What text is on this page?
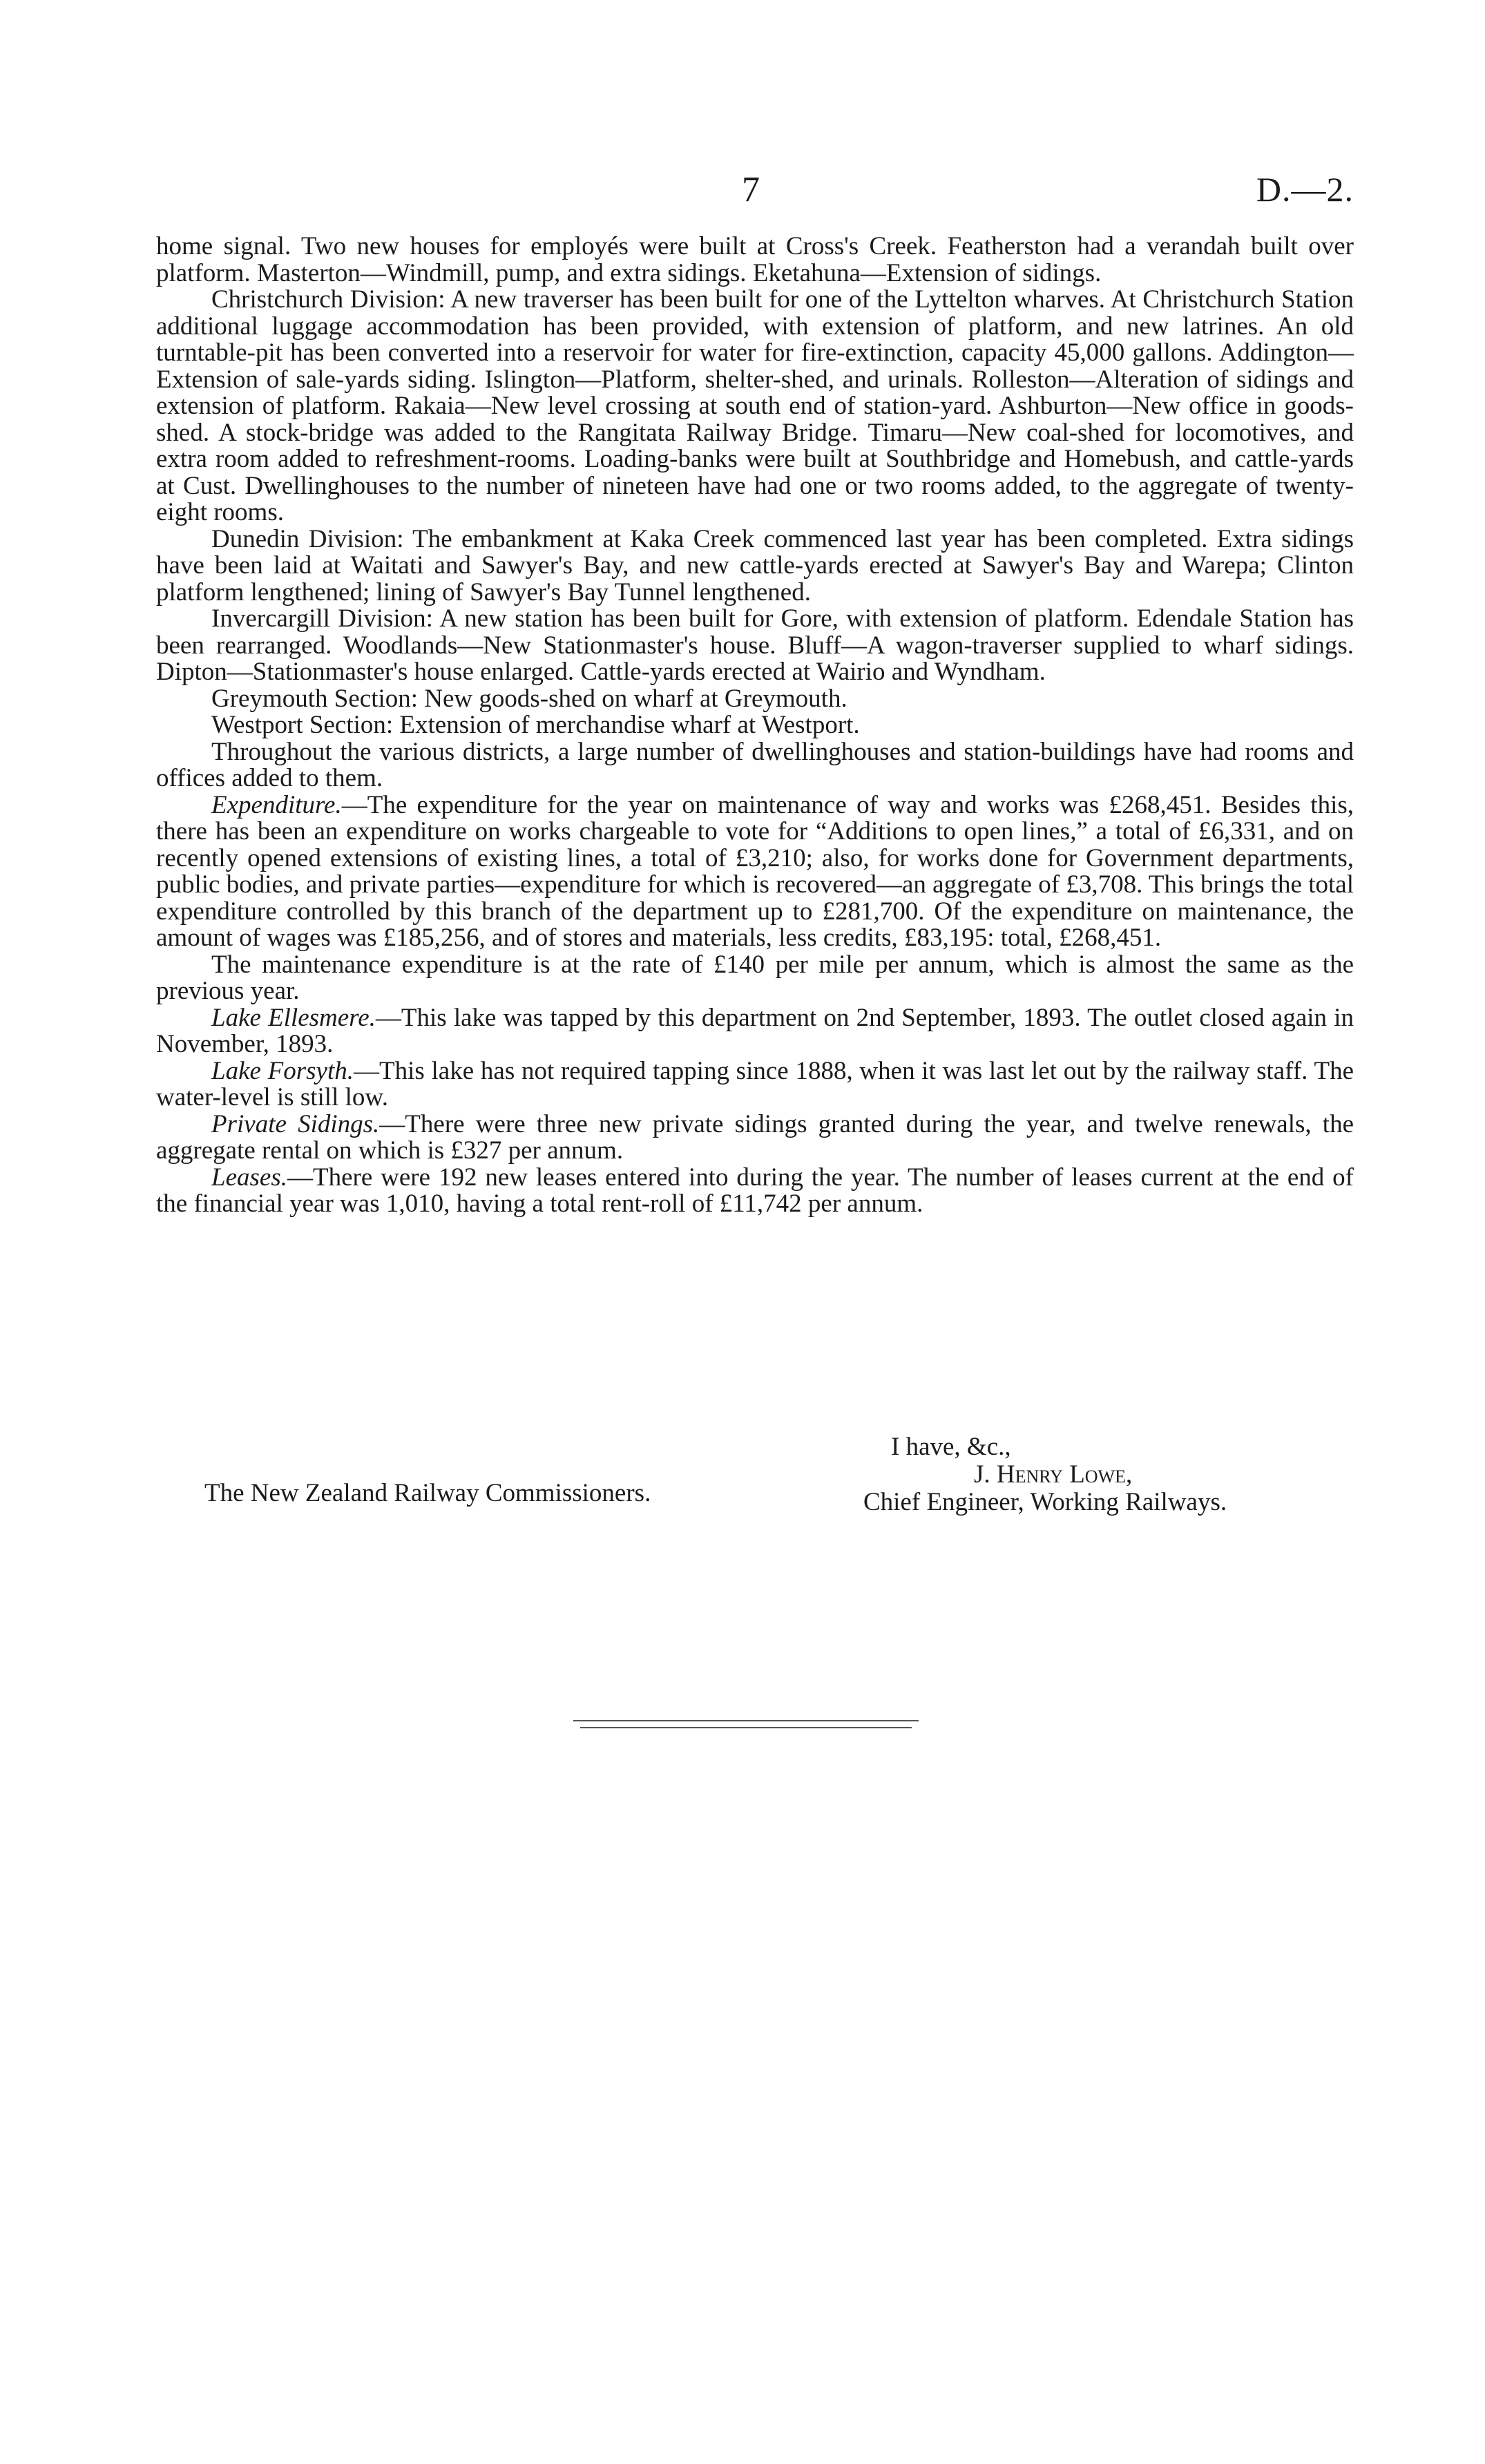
7	D.—2.

home signal. Two new houses for employés were built at Cross's Creek. Featherston had a verandah built over platform. Masterton—Windmill, pump, and extra sidings. Eketahuna—Extension of sidings.

Christchurch Division: A new traverser has been built for one of the Lyttelton wharves. At Christchurch Station additional luggage accommodation has been provided, with extension of platform, and new latrines. An old turntable-pit has been converted into a reservoir for water for fire-extinction, capacity 45,000 gallons. Addington—Extension of sale-yards siding. Islington—Platform, shelter-shed, and urinals. Rolleston—Alteration of sidings and extension of platform. Rakaia—New level crossing at south end of station-yard. Ashburton—New office in goods-shed. A stock-bridge was added to the Rangitata Railway Bridge. Timaru—New coal-shed for locomotives, and extra room added to refreshment-rooms. Loading-banks were built at Southbridge and Homebush, and cattle-yards at Cust. Dwellinghouses to the number of nineteen have had one or two rooms added, to the aggregate of twenty-eight rooms.

Dunedin Division: The embankment at Kaka Creek commenced last year has been completed. Extra sidings have been laid at Waitati and Sawyer's Bay, and new cattle-yards erected at Sawyer's Bay and Warepa; Clinton platform lengthened; lining of Sawyer's Bay Tunnel lengthened.

Invercargill Division: A new station has been built for Gore, with extension of platform. Edendale Station has been rearranged. Woodlands—New Stationmaster's house. Bluff—A wagon-traverser supplied to wharf sidings. Dipton—Stationmaster's house enlarged. Cattle-yards erected at Wairio and Wyndham.

Greymouth Section: New goods-shed on wharf at Greymouth.

Westport Section: Extension of merchandise wharf at Westport.

Throughout the various districts, a large number of dwellinghouses and station-buildings have had rooms and offices added to them.

Expenditure.—The expenditure for the year on maintenance of way and works was £268,451. Besides this, there has been an expenditure on works chargeable to vote for “Additions to open lines,” a total of £6,331, and on recently opened extensions of existing lines, a total of £3,210; also, for works done for Government departments, public bodies, and private parties—expenditure for which is recovered—an aggregate of £3,708. This brings the total expenditure controlled by this branch of the department up to £281,700. Of the expenditure on maintenance, the amount of wages was £185,256, and of stores and materials, less credits, £83,195: total, £268,451.

The maintenance expenditure is at the rate of £140 per mile per annum, which is almost the same as the previous year.

Lake Ellesmere.—This lake was tapped by this department on 2nd September, 1893. The outlet closed again in November, 1893.

Lake Forsyth.—This lake has not required tapping since 1888, when it was last let out by the railway staff. The water-level is still low.

Private Sidings.—There were three new private sidings granted during the year, and twelve renewals, the aggregate rental on which is £327 per annum.

Leases.—There were 192 new leases entered into during the year. The number of leases current at the end of the financial year was 1,010, having a total rent-roll of £11,742 per annum.

I have, &c.,
J. Henry Lowe,
Chief Engineer, Working Railways.
The New Zealand Railway Commissioners.
